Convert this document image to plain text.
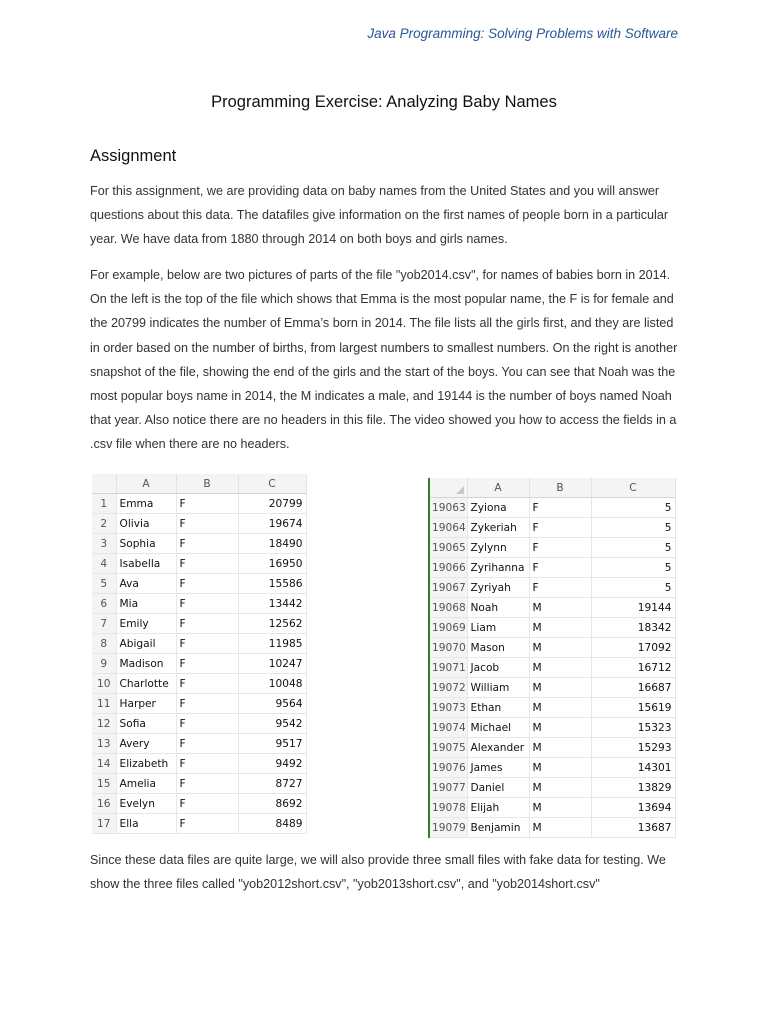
Java Programming: Solving Problems with Software
Programming Exercise: Analyzing Baby Names
Assignment

For this assignment, we are providing data on baby names from the United States and you will answer questions about this data. The datafiles give information on the first names of people born in a particular year. We have data from 1880 through 2014 on both boys and girls names.

For example, below are two pictures of parts of the file "yob2014.csv", for names of babies born in 2014. On the left is the top of the file which shows that Emma is the most popular name, the F is for female and the 20799 indicates the number of Emma’s born in 2014. The file lists all the girls first, and they are listed in order based on the number of births, from largest numbers to smallest numbers. On the right is another snapshot of the file, showing the end of the girls and the start of the boys. You can see that Noah was the most popular boys name in 2014, the M indicates a male, and 19144 is the number of boys named Noah that year. Also notice there are no headers in this file. The video showed you how to access the fields in a .csv file when there are no headers.

	A	B	C
1	Emma	F	20799
2	Olivia	F	19674
3	Sophia	F	18490
4	Isabella	F	16950
5	Ava	F	15586
6	Mia	F	13442
7	Emily	F	12562
8	Abigail	F	11985
9	Madison	F	10247
10	Charlotte	F	10048
11	Harper	F	9564
12	Sofia	F	9542
13	Avery	F	9517
14	Elizabeth	F	9492
15	Amelia	F	8727
16	Evelyn	F	8692
17	Ella	F	8489
	A	B	C
19063	Zyiona	F	5
19064	Zykeriah	F	5
19065	Zylynn	F	5
19066	Zyrihanna	F	5
19067	Zyriyah	F	5
19068	Noah	M	19144
19069	Liam	M	18342
19070	Mason	M	17092
19071	Jacob	M	16712
19072	William	M	16687
19073	Ethan	M	15619
19074	Michael	M	15323
19075	Alexander	M	15293
19076	James	M	14301
19077	Daniel	M	13829
19078	Elijah	M	13694
19079	Benjamin	M	13687

Since these data files are quite large, we will also provide three small files with fake data for testing. We show the three files called "yob2012short.csv", "yob2013short.csv", and "yob2014short.csv"
